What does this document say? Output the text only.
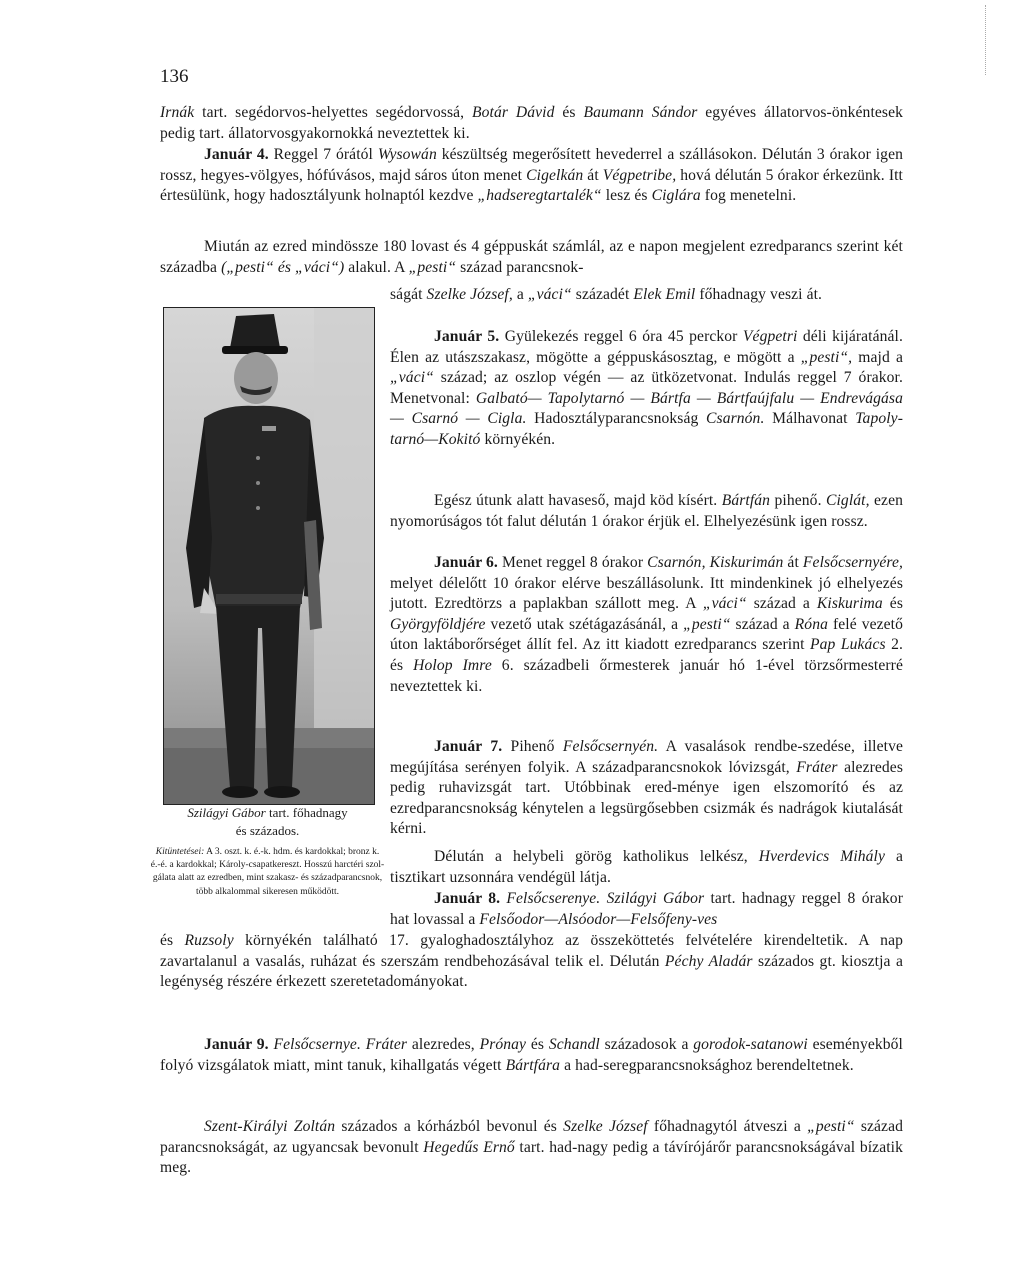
136

Irnák tart. segédorvos-helyettes segédorvossá, Botár Dávid és Baumann Sándor egyéves állatorvos-önkéntesek pedig tart. állatorvosgyakornokká neveztettek ki.

Január 4. Reggel 7 órától Wysowán készültség megerősített hevederrel a szállásokon. Délután 3 órakor igen rossz, hegyes-völgyes, hófúvásos, majd sáros úton menet Cigelkán át Végpetribe, hová délután 5 órakor érkezünk. Itt értesülünk, hogy hadosztályunk holnaptól kezdve „hadseregtartalék“ lesz és Ciglára fog menetelni.

Miután az ezred mindössze 180 lovast és 4 géppuskát számlál, az e napon megjelent ezredparancs szerint két századba („pesti“ és „váci“) alakul. A „pesti“ század parancsnok-

ságát Szelke József, a „váci“ századét Elek Emil főhadnagy veszi át.

Január 5. Gyülekezés reggel 6 óra 45 perckor Végpetri déli kijáratánál. Élen az utászszakasz, mögötte a géppuskásosztag, e mögött a „pesti“, majd a „váci“ század; az oszlop végén — az ütközetvonat. Indulás reggel 7 órakor. Menetvonal: Galbató— Tapolytarnó — Bártfa — Bártfaújfalu — Endrevágása — Csarnó — Cigla. Hadosztályparancsnokság Csarnón. Málhavonat Tapoly-tarnó—Kokitó környékén.

Egész útunk alatt havaseső, majd köd kísért. Bártfán pihenő. Ciglát, ezen nyomorúságos tót falut délután 1 órakor érjük el. Elhelyezésünk igen rossz.

Január 6. Menet reggel 8 órakor Csarnón, Kiskurimán át Felsőcsernyére, melyet délelőtt 10 órakor elérve beszállásolunk. Itt mindenkinek jó elhelyezés jutott. Ezredtörzs a paplakban szállott meg. A „váci“ század a Kiskurima és Györgyföldjére vezető utak szétágazásánál, a „pesti“ század a Róna felé vezető úton laktáborőrséget állít fel. Az itt kiadott ezredparancs szerint Pap Lukács 2. és Holop Imre 6. századbeli őrmesterek január hó 1-ével törzsőrmesterré neveztettek ki.

Január 7. Pihenő Felsőcsernyén. A vasalások rendbe-szedése, illetve megújítása serényen folyik. A századparancsnokok lóvizsgát, Fráter alezredes pedig ruhavizsgát tart. Utóbbinak ered-ménye igen elszomorító és az ezredparancsnokság kénytelen a legsürgősebben csizmák és nadrágok kiutalását kérni.

Délután a helybeli görög katholikus lelkész, Hverdevics Mihály a tisztikart uzsonnára vendégül látja.

Január 8. Felsőcserenye. Szilágyi Gábor tart. hadnagy reggel 8 órakor hat lovassal a Felsőodor—Alsóodor—Felsőfeny-ves

és Ruzsoly környékén található 17. gyaloghadosztályhoz az összeköttetés felvételére kirendeltetik. A nap zavartalanul a vasalás, ruházat és szerszám rendbehozásával telik el. Délután Péchy Aladár százados gt. kiosztja a legénység részére érkezett szeretetadományokat.

Január 9. Felsőcsernye. Fráter alezredes, Prónay és Schandl századosok a gorodok-satanowi eseményekből folyó vizsgálatok miatt, mint tanuk, kihallgatás végett Bártfára a had-seregparancsnoksághoz berendeltetnek.

Szent-Királyi Zoltán százados a kórházból bevonul és Szelke József főhadnagytól átveszi a „pesti“ század parancsnokságát, az ugyancsak bevonult Hegedűs Ernő tart. had-nagy pedig a távírójárőr parancsnokságával bízatik meg.

Szilágyi Gábor tart. főhadnagy
és százados.
Kitüntetései: A 3. oszt. k. é.-k. hdm. és kardokkal; bronz k. é.-é. a kardokkal; Károly-csapatkereszt. Hosszú harctéri szol-gálata alatt az ezredben, mint szakasz- és századparancsnok, több alkalommal sikeresen működött.
